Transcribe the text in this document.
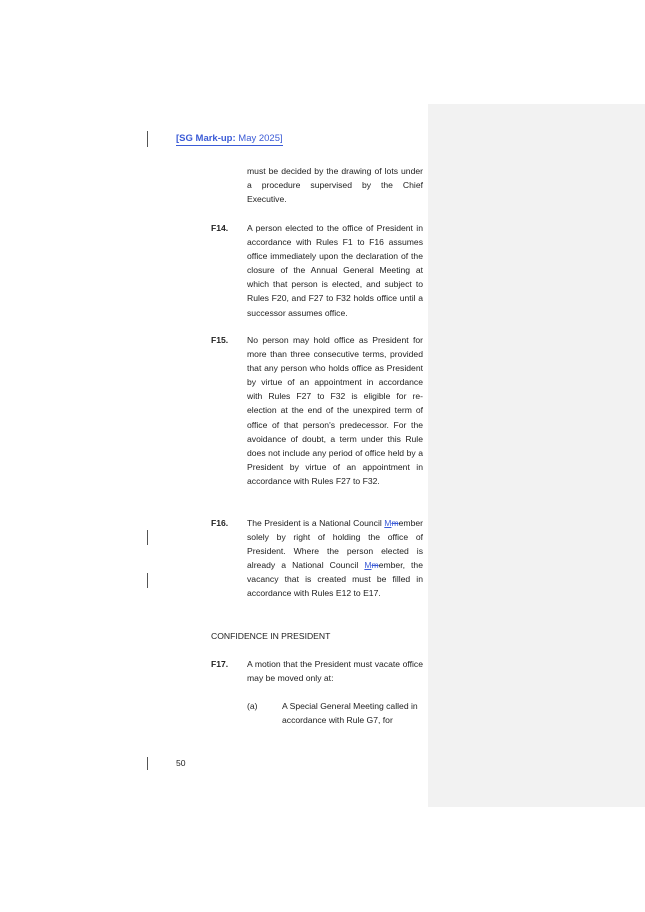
[SG Mark-up: May 2025]
must be decided by the drawing of lots under a procedure supervised by the Chief Executive.
F14. A person elected to the office of President in accordance with Rules F1 to F16 assumes office immediately upon the declaration of the closure of the Annual General Meeting at which that person is elected, and subject to Rules F20, and F27 to F32 holds office until a successor assumes office.
F15. No person may hold office as President for more than three consecutive terms, provided that any person who holds office as President by virtue of an appointment in accordance with Rules F27 to F32 is eligible for re-election at the end of the unexpired term of office of that person's predecessor. For the avoidance of doubt, a term under this Rule does not include any period of office held by a President by virtue of an appointment in accordance with Rules F27 to F32.
F16. The President is a National Council Mmember solely by right of holding the office of President. Where the person elected is already a National Council Mmember, the vacancy that is created must be filled in accordance with Rules E12 to E17.
CONFIDENCE IN PRESIDENT
F17. A motion that the President must vacate office may be moved only at:
(a)	A Special General Meeting called in accordance with Rule G7, for
50
